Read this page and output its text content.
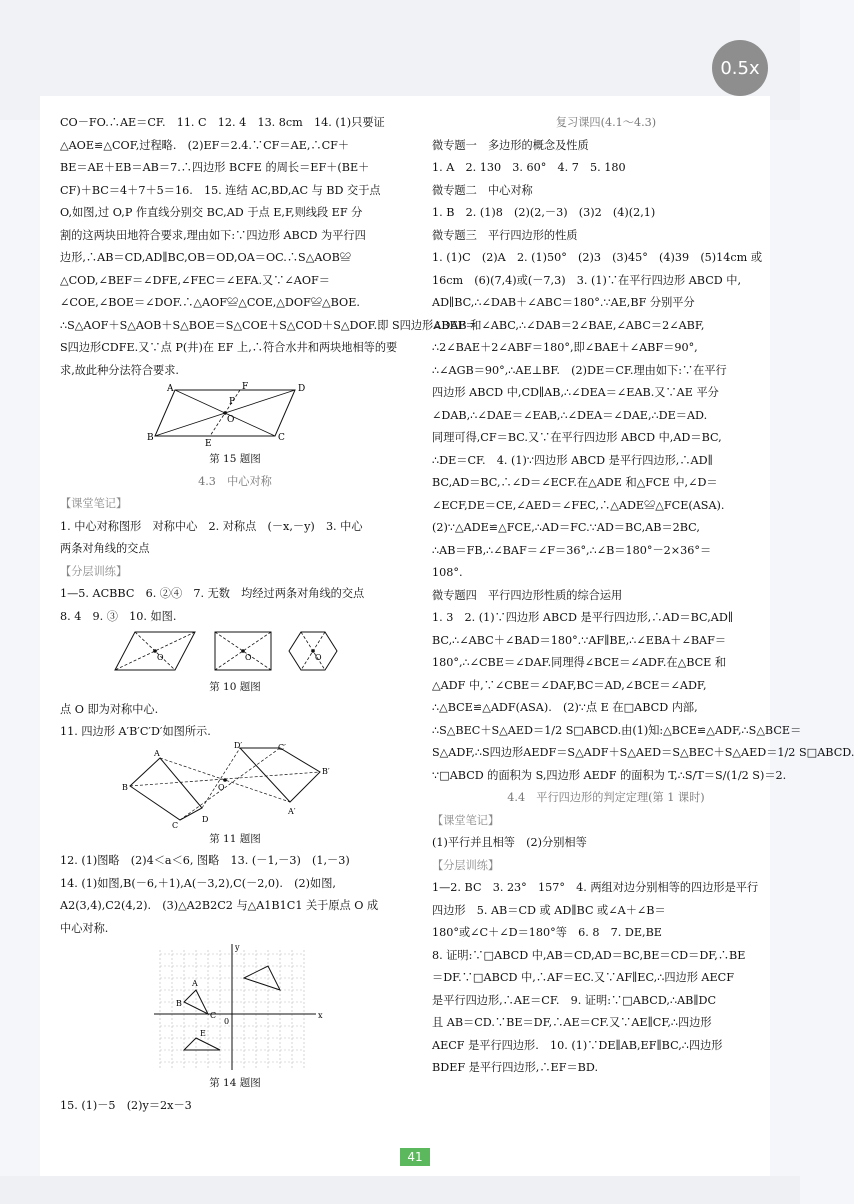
0.5x
CO－FO.∴AE＝CF.　11. C　12. 4　13. 8cm　14. (1)只要证
△AOE≌△COF,过程略.　(2)EF＝2.4.∵CF＝AE,∴CF＋
BE＝AE＋EB＝AB＝7.∴四边形 BCFE 的周长＝EF＋(BE＋
CF)＋BC＝4＋7＋5＝16.　15. 连结 AC,BD,AC 与 BD 交于点
O,如图,过 O,P 作直线分别交 BC,AD 于点 E,F,则线段 EF 分
割的这两块田地符合要求,理由如下:∵四边形 ABCD 为平行四
边形,∴AB＝CD,AD∥BC,OB＝OD,OA＝OC.∴S△AOB≌
△COD,∠BEF＝∠DFE,∠FEC＝∠EFA.又∵∠AOF＝
∠COE,∠BOE＝∠DOF.∴△AOF≌△COE,△DOF≌△BOE.
∴S△AOF＋S△AOB＋S△BOE＝S△COE＋S△COD＋S△DOF.即 S四边形ABEF＝
S四边形CDFE.又∵点 P(井)在 EF 上,∴符合水井和两块地相等的要
求,故此种分法符合要求.
A	D
B	C
F
E
O
P
第 15 题图
4.3　中心对称
【课堂笔记】
1. 中心对称图形　对称中心　2. 对称点　(－x,－y)　3. 中心
两条对角线的交点
【分层训练】
1—5. ACBBC　6. ②④　7. 无数　均经过两条对角线的交点
8. 4　9. ③　10. 如图.
O	O	O
第 10 题图
点 O 即为对称中心.
11. 四边形 A′B′C′D′如图所示.
A
B
C
D
O
D′	C′
B′
A′
第 11 题图
12. (1)图略　(2)4＜a＜6, 图略　13. (－1,－3)　(1,－3)
14. (1)如图,B(－6,＋1),A(－3,2),C(－2,0).　(2)如图,
A2(3,4),C2(4,2).　(3)△A2B2C2 与△A1B1C1 关于原点 O 成
中心对称.
x
y
0
A
B
C
E
第 14 题图
15. (1)－5　(2)y＝2x－3
复习课四(4.1～4.3)
微专题一　多边形的概念及性质
1. A　2. 130　3. 60°　4. 7　5. 180
微专题二　中心对称
1. B　2. (1)8　(2)(2,－3)　(3)2　(4)(2,1)
微专题三　平行四边形的性质
1. (1)C　(2)A　2. (1)50°　(2)3　(3)45°　(4)39　(5)14cm 或
16cm　(6)(7,4)或(－7,3)　3. (1)∵在平行四边形 ABCD 中,
AD∥BC,∴∠DAB＋∠ABC＝180°.∵AE,BF 分别平分
∠DAB 和∠ABC,∴∠DAB＝2∠BAE,∠ABC＝2∠ABF,
∴2∠BAE＋2∠ABF＝180°,即∠BAE＋∠ABF＝90°,
∴∠AGB＝90°,∴AE⊥BF.　(2)DE＝CF.理由如下:∵在平行
四边形 ABCD 中,CD∥AB,∴∠DEA＝∠EAB.又∵AE 平分
∠DAB,∴∠DAE＝∠EAB,∴∠DEA＝∠DAE,∴DE＝AD.
同理可得,CF＝BC.又∵在平行四边形 ABCD 中,AD＝BC,
∴DE＝CF.　4. (1)∵四边形 ABCD 是平行四边形,∴AD∥
BC,AD＝BC,∴∠D＝∠ECF.在△ADE 和△FCE 中,∠D＝
∠ECF,DE＝CE,∠AED＝∠FEC,∴△ADE≌△FCE(ASA).
(2)∵△ADE≌△FCE,∴AD＝FC.∵AD＝BC,AB＝2BC,
∴AB＝FB,∴∠BAF＝∠F＝36°,∴∠B＝180°－2×36°＝
108°.
微专题四　平行四边形性质的综合运用
1. 3　2. (1)∵四边形 ABCD 是平行四边形,∴AD＝BC,AD∥
BC,∴∠ABC＋∠BAD＝180°.∵AF∥BE,∴∠EBA＋∠BAF＝
180°,∴∠CBE＝∠DAF.同理得∠BCE＝∠ADF.在△BCE 和
△ADF 中,∵∠CBE＝∠DAF,BC＝AD,∠BCE＝∠ADF,
∴△BCE≌△ADF(ASA).　(2)∵点 E 在□ABCD 内部,
∴S△BEC＋S△AED＝1/2 S□ABCD.由(1)知:△BCE≌△ADF,∴S△BCE＝
S△ADF,∴S四边形AEDF＝S△ADF＋S△AED＝S△BEC＋S△AED＝1/2 S□ABCD.
∵□ABCD 的面积为 S,四边形 AEDF 的面积为 T,∴S/T＝S/(1/2 S)＝2.
4.4　平行四边形的判定定理(第 1 课时)
【课堂笔记】
(1)平行并且相等　(2)分别相等
【分层训练】
1—2. BC　3. 23°　157°　4. 两组对边分别相等的四边形是平行
四边形　5. AB＝CD 或 AD∥BC 或∠A＋∠B＝
180°或∠C＋∠D＝180°等　6. 8　7. DE,BE
8. 证明:∵□ABCD 中,AB＝CD,AD＝BC,BE＝CD＝DF,∴BE
＝DF.∵□ABCD 中,∴AF＝EC.又∵AF∥EC,∴四边形 AECF
是平行四边形,∴AE＝CF.　9. 证明:∵□ABCD,∴AB∥DC
且 AB＝CD.∵BE＝DF,∴AE＝CF.又∵AE∥CF,∴四边形
AECF 是平行四边形.　10. (1)∵DE∥AB,EF∥BC,∴四边形
BDEF 是平行四边形,∴EF＝BD.
41
